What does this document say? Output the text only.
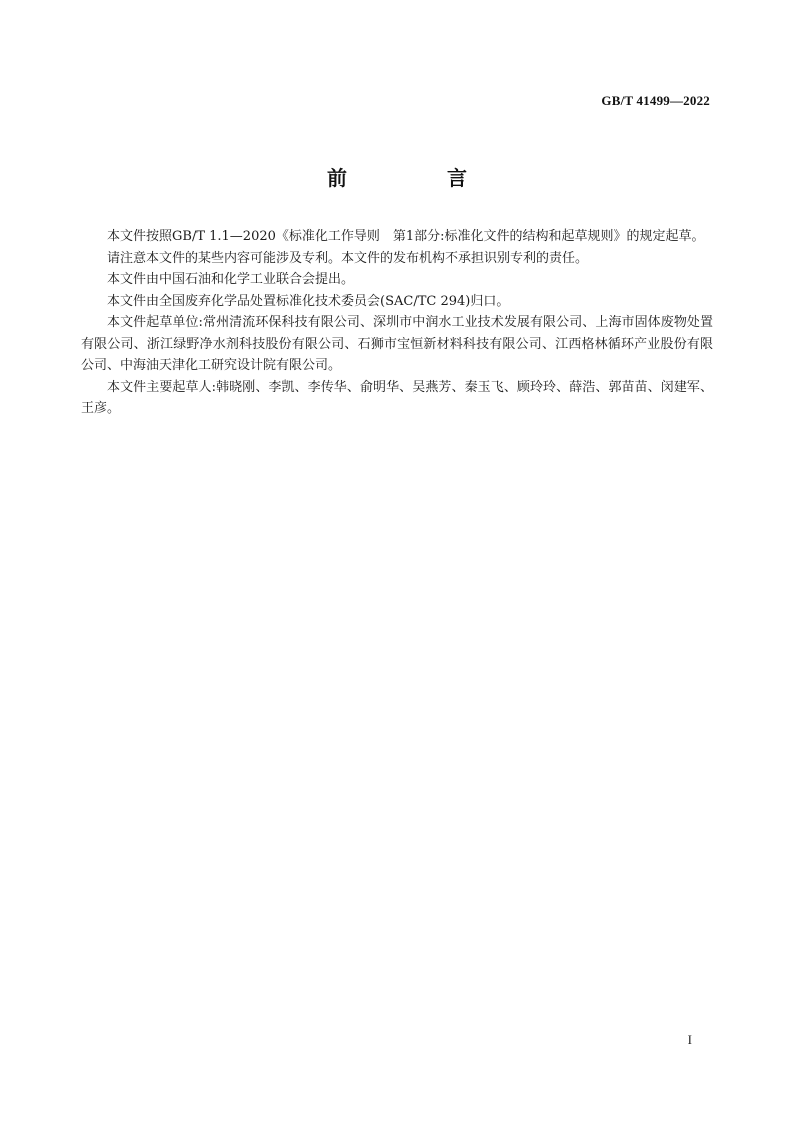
GB/T 41499—2022
前　言

本文件按照GB/T 1.1—2020《标准化工作导则　第1部分:标准化文件的结构和起草规则》的规定起草。

请注意本文件的某些内容可能涉及专利。本文件的发布机构不承担识别专利的责任。

本文件由中国石油和化学工业联合会提出。

本文件由全国废弃化学品处置标准化技术委员会(SAC/TC 294)归口。

本文件起草单位:常州清流环保科技有限公司、深圳市中润水工业技术发展有限公司、上海市固体废物处置有限公司、浙江绿野净水剂科技股份有限公司、石狮市宝恒新材料科技有限公司、江西格林循环产业股份有限公司、中海油天津化工研究设计院有限公司。

本文件主要起草人:韩晓刚、李凯、李传华、俞明华、吴燕芳、秦玉飞、顾玲玲、薛浩、郭苗苗、闵建军、王彦。

I
